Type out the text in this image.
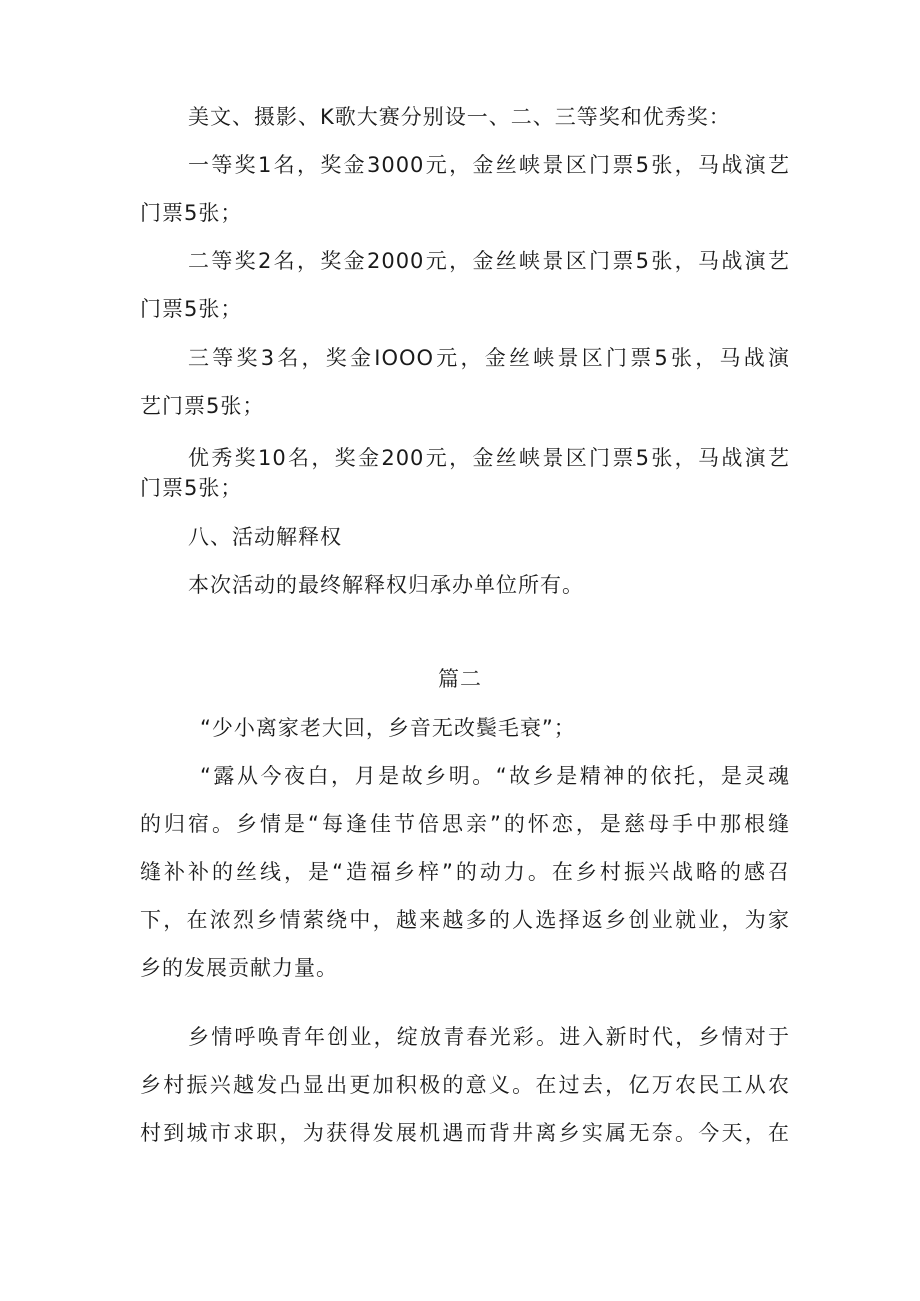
美文、摄影、K歌大赛分别设一、二、三等奖和优秀奖：
一等奖1名，奖金3000元，金丝峡景区门票5张，马战演艺
门票5张；
二等奖2名，奖金2000元，金丝峡景区门票5张，马战演艺
门票5张；
三等奖3名，奖金IOOO元，金丝峡景区门票5张，马战演
艺门票5张；
优秀奖10名，奖金200元，金丝峡景区门票5张，马战演艺
门票5张；
八、活动解释权
本次活动的最终解释权归承办单位所有。
篇二
“少小离家老大回，乡音无改鬓毛衰”；
“露从今夜白，月是故乡明。“故乡是精神的依托，是灵魂
的归宿。乡情是“每逢佳节倍思亲”的怀恋，是慈母手中那根缝
缝补补的丝线，是“造福乡梓”的动力。在乡村振兴战略的感召
下，在浓烈乡情萦绕中，越来越多的人选择返乡创业就业，为家
乡的发展贡献力量。
乡情呼唤青年创业，绽放青春光彩。进入新时代，乡情对于
乡村振兴越发凸显出更加积极的意义。在过去，亿万农民工从农
村到城市求职，为获得发展机遇而背井离乡实属无奈。今天，在
